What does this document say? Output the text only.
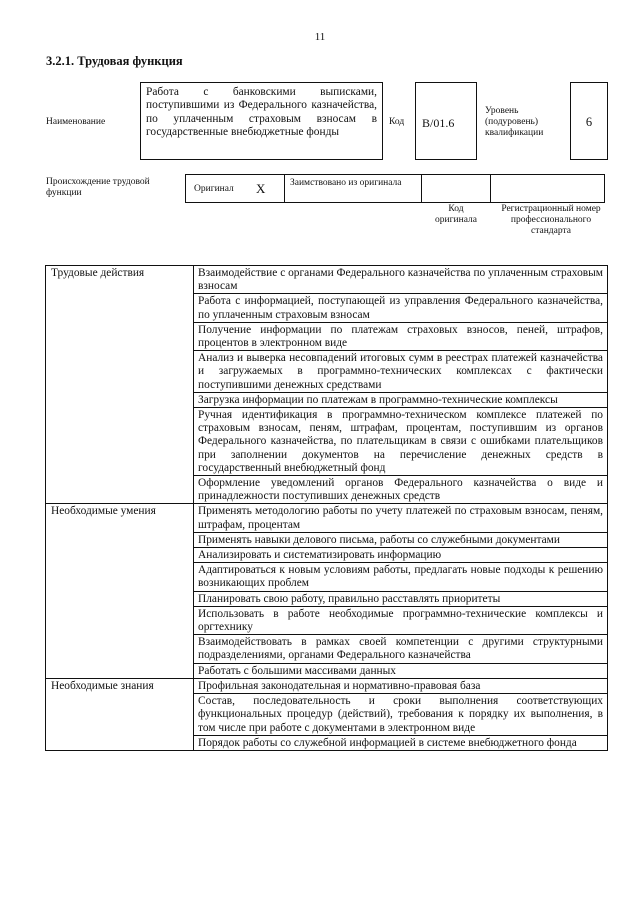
11
3.2.1. Трудовая функция
Наименование
Работа с банковскими выписками, поступившими из Федерального казначейства, по уплаченным страховым взносам в государственные внебюджетные фонды
Код	B/01.6
Уровень (подуровень) квалификации
6
Происхождение трудовой функции	Оригинал X	Заимствовано из оригинала
Код оригинала
Регистрационный номер профессионального стандарта
Трудовые действия	Взаимодействие с органами Федерального казначейства по уплаченным страховым взносам
	Работа с информацией, поступающей из управления Федерального казначейства, по уплаченным страховым взносам
	Получение информации по платежам страховых взносов, пеней, штрафов, процентов в электронном виде
	Анализ и выверка несовпадений итоговых сумм в реестрах платежей казначейства и загружаемых в программно-технических комплексах с фактически поступившими денежных средствами
	Загрузка информации по платежам в программно-технические комплексы
	Ручная идентификация в программно-техническом комплексе платежей по страховым взносам, пеням, штрафам, процентам, поступившим из органов Федерального казначейства, по плательщикам в связи с ошибками плательщиков при заполнении документов на перечисление денежных средств в государственный внебюджетный фонд
	Оформление уведомлений органов Федерального казначейства о виде и принадлежности поступивших денежных средств
Необходимые умения	Применять методологию работы по учету платежей по страховым взносам, пеням, штрафам, процентам
	Применять навыки делового письма, работы со служебными документами
	Анализировать и систематизировать информацию
	Адаптироваться к новым условиям работы, предлагать новые подходы к решению возникающих проблем
	Планировать свою работу, правильно расставлять приоритеты
	Использовать в работе необходимые программно-технические комплексы и оргтехнику
	Взаимодействовать в рамках своей компетенции с другими структурными подразделениями, органами Федерального казначейства
	Работать с большими массивами данных
Необходимые знания	Профильная законодательная и нормативно-правовая база
	Состав, последовательность и сроки выполнения соответствующих функциональных процедур (действий), требования к порядку их выполнения, в том числе при работе с документами в электронном виде
	Порядок работы со служебной информацией в системе внебюджетного фонда
